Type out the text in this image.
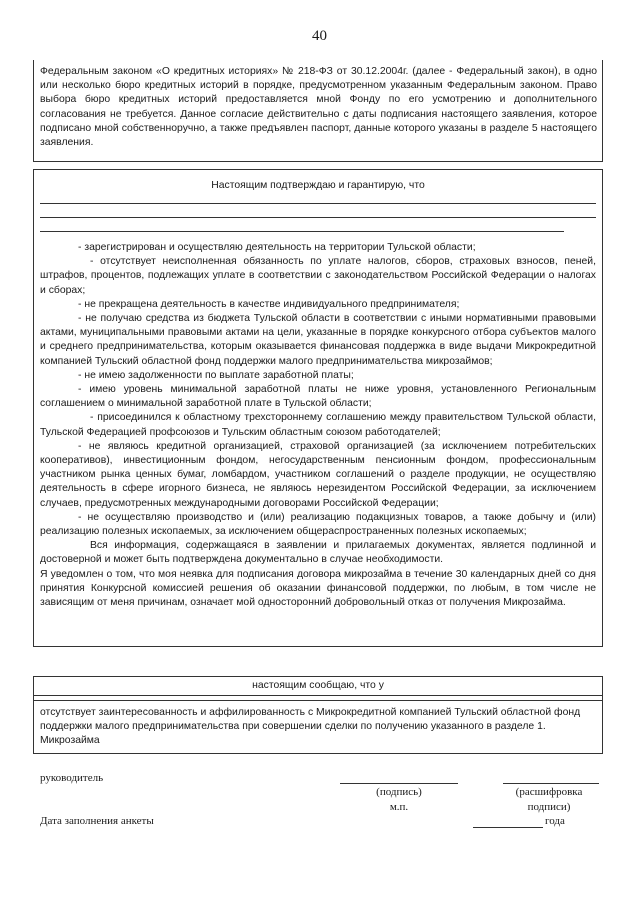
40
Федеральным законом «О кредитных историях» № 218-ФЗ от 30.12.2004г. (далее - Федеральный закон), в одно или несколько бюро кредитных историй в порядке, предусмотренном указанным Федеральным законом. Право выбора бюро кредитных историй предоставляется мной Фонду по его усмотрению и дополнительного согласования не требуется. Данное согласие действительно с даты подписания настоящего заявления, которое подписано мной собственноручно, а также предъявлен паспорт, данные которого указаны в разделе 5 настоящего заявления.
Настоящим подтверждаю и гарантирую, что

- зарегистрирован и осуществляю деятельность на территории Тульской области;

- отсутствует неисполненная обязанность по уплате налогов, сборов, страховых взносов, пеней, штрафов, процентов, подлежащих уплате в соответствии с законодательством Российской Федерации о налогах и сборах;

- не прекращена деятельность в качестве индивидуального предпринимателя;

- не получаю средства из бюджета Тульской области в соответствии с иными нормативными правовыми актами, муниципальными правовыми актами на цели, указанные в порядке конкурсного отбора субъектов малого и среднего предпринимательства, которым оказывается финансовая поддержка в виде выдачи Микрокредитной компанией Тульский областной фонд поддержки малого предпринимательства микрозаймов;

- не имею задолженности по выплате заработной платы;

- имею уровень минимальной заработной платы не ниже уровня, установленного Региональным соглашением о минимальной заработной плате в Тульской области;

- присоединился к областному трехстороннему соглашению между правительством Тульской области, Тульской Федерацией профсоюзов и Тульским областным союзом работодателей;

- не являюсь кредитной организацией, страховой организацией (за исключением потребительских кооперативов), инвестиционным фондом, негосударственным пенсионным фондом, профессиональным участником рынка ценных бумаг, ломбардом, участником соглашений о разделе продукции, не осуществляю деятельность в сфере игорного бизнеса, не являюсь нерезидентом Российской Федерации, за исключением случаев, предусмотренных международными договорами Российской Федерации;

- не осуществляю производство и (или) реализацию подакцизных товаров, а также добычу и (или) реализацию полезных ископаемых, за исключением общераспространенных полезных ископаемых;

Вся информация, содержащаяся в заявлении и прилагаемых документах, является подлинной и достоверной и может быть подтверждена документально в случае необходимости.

Я уведомлен о том, что моя неявка для подписания договора микрозайма в течение 30 календарных дней со дня принятия Конкурсной комиссией решения об оказании финансовой поддержки, по любым, в том числе не зависящим от меня причинам, означает мой односторонний добровольный отказ от получения Микрозайма.

настоящим сообщаю, что у
отсутствует заинтересованность и аффилированность с Микрокредитной компанией Тульский областной фонд поддержки малого предпринимательства при совершении сделки по получению указанного в разделе 1. Микрозайма
руководитель
(подпись)
м.п.
(расшифровка
подписи)
Дата заполнения анкеты	года
